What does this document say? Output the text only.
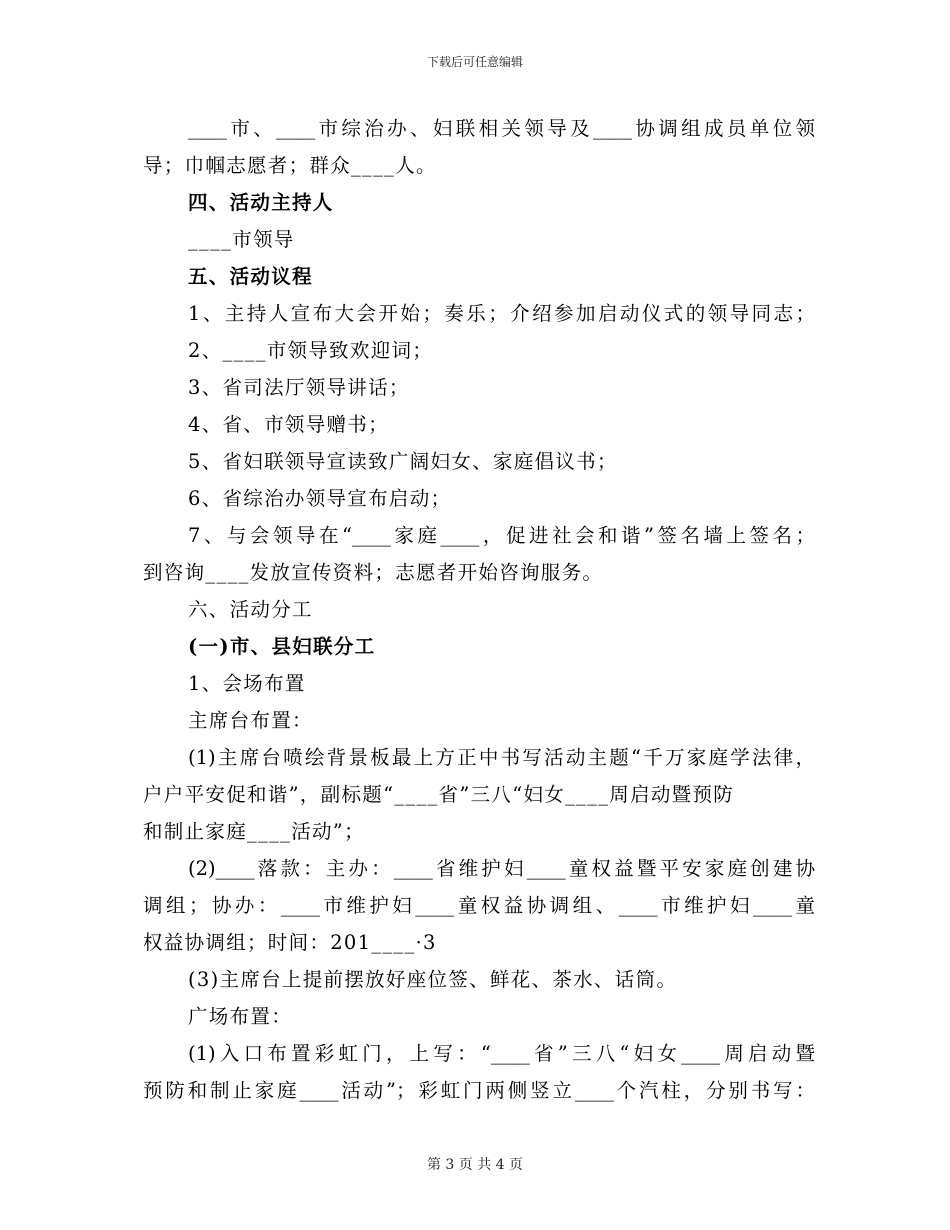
下载后可任意编辑
____市、____市综治办、妇联相关领导及____协调组成员单位领
导；巾帼志愿者；群众____人。
四、活动主持人
____市领导
五、活动议程
1、主持人宣布大会开始；奏乐；介绍参加启动仪式的领导同志；
2、____市领导致欢迎词；
3、省司法厅领导讲话；
4、省、市领导赠书；
5、省妇联领导宣读致广阔妇女、家庭倡议书；
6、省综治办领导宣布启动；
7、与会领导在“____家庭____，促进社会和谐”签名墙上签名；
到咨询____发放宣传资料；志愿者开始咨询服务。
六、活动分工
(一)市、县妇联分工
1、会场布置
主席台布置：
(1)主席台喷绘背景板最上方正中书写活动主题“千万家庭学法律，
户户平安促和谐”，副标题“____省”三八“妇女____周启动暨预防
和制止家庭____活动”；
(2)____落款：主办：____省维护妇____童权益暨平安家庭创建协
调组；协办：____市维护妇____童权益协调组、____市维护妇____童
权益协调组；时间：201____·3
(3)主席台上提前摆放好座位签、鲜花、茶水、话筒。
广场布置：
(1)入口布置彩虹门，上写：“____省”三八“妇女____周启动暨
预防和制止家庭____活动”；彩虹门两侧竖立____个汽柱，分别书写：
第 3 页 共 4 页
